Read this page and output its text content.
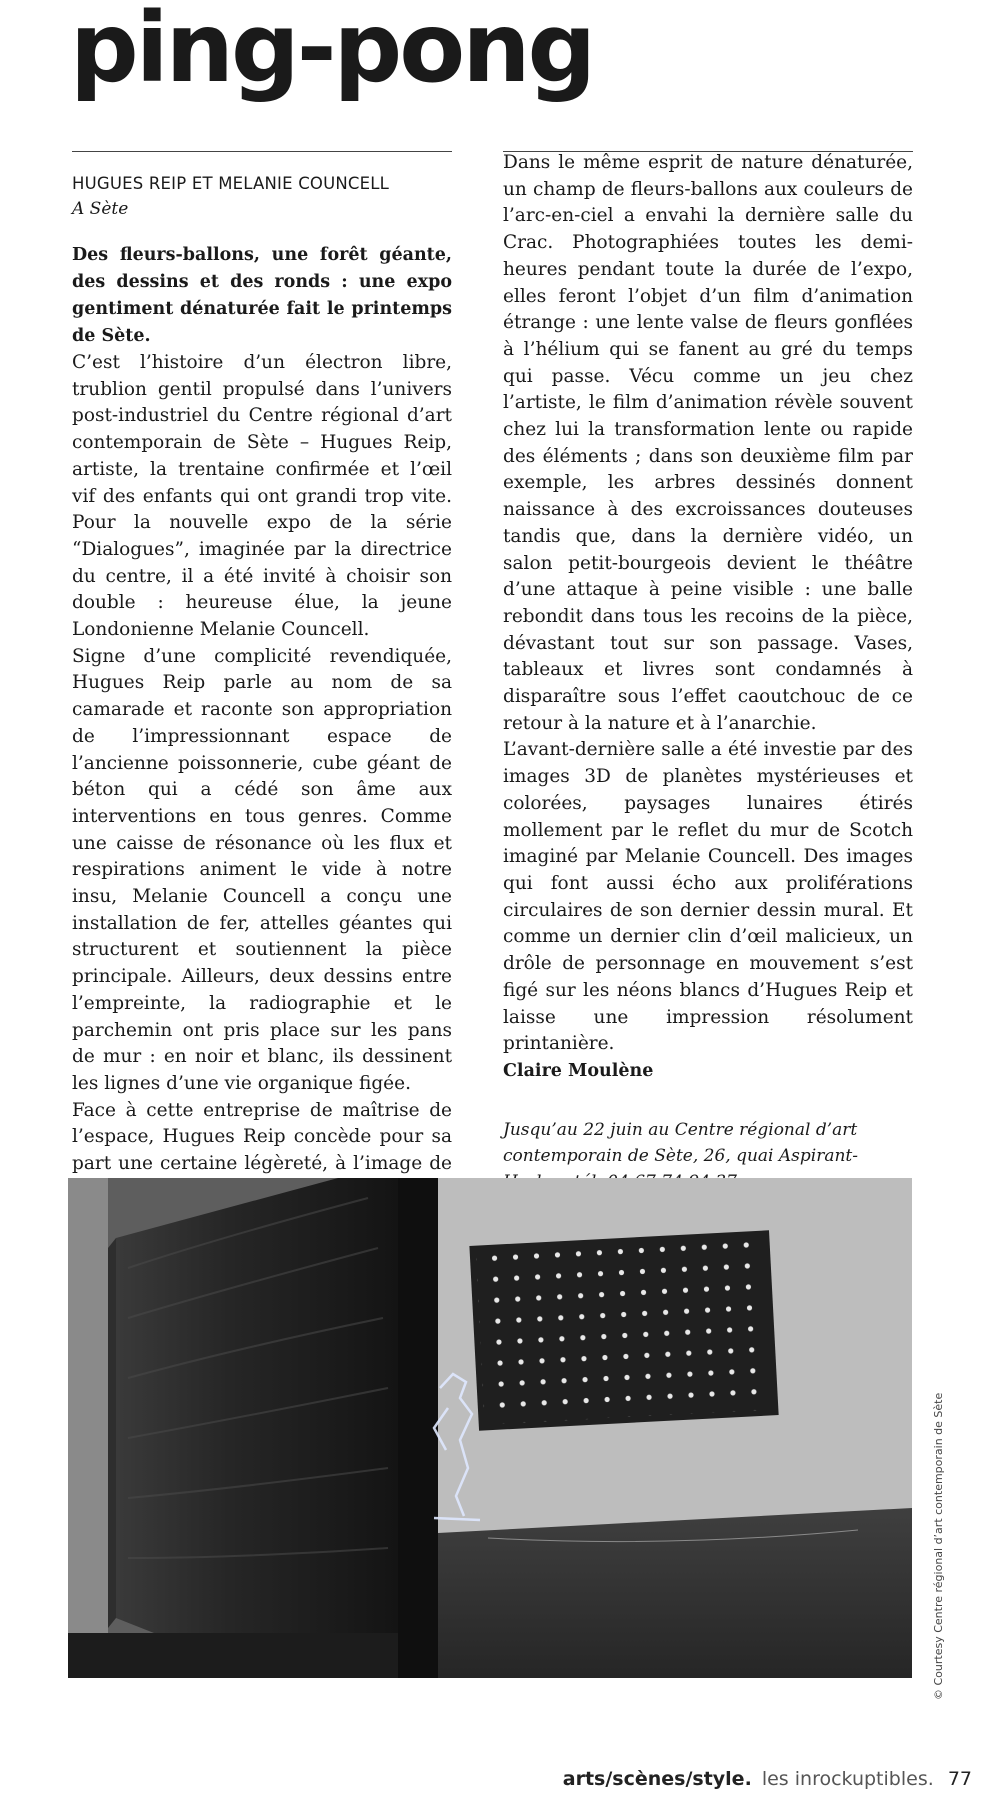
ping-pong
HUGUES REIP ET MELANIE COUNCELL
A Sète

Des fleurs-ballons, une forêt géante, des dessins et des ronds : une expo gentiment dénaturée fait le printemps de Sète.

C’est l’histoire d’un électron libre, trublion gentil propulsé dans l’univers post-industriel du Centre régional d’art contemporain de Sète – Hugues Reip, artiste, la trentaine confirmée et l’œil vif des enfants qui ont grandi trop vite. Pour la nouvelle expo de la série “Dialogues”, imaginée par la directrice du centre, il a été invité à choisir son double : heureuse élue, la jeune Londonienne Melanie Councell.

Signe d’une complicité revendiquée, Hugues Reip parle au nom de sa camarade et raconte son appropriation de l’impressionnant espace de l’ancienne poissonnerie, cube géant de béton qui a cédé son âme aux interventions en tous genres. Comme une caisse de résonance où les flux et respirations animent le vide à notre insu, Melanie Councell a conçu une installation de fer, attelles géantes qui structurent et soutiennent la pièce principale. Ailleurs, deux dessins entre l’empreinte, la radiographie et le parchemin ont pris place sur les pans de mur : en noir et blanc, ils dessinent les lignes d’une vie organique figée.

Face à cette entreprise de maîtrise de l’espace, Hugues Reip concède pour sa part une certaine légèreté, à l’image de

Dans le même esprit de nature dénaturée, un champ de fleurs-ballons aux couleurs de l’arc-en-ciel a envahi la dernière salle du Crac. Photographiées toutes les demi-heures pendant toute la durée de l’expo, elles feront l’objet d’un film d’animation étrange : une lente valse de fleurs gonflées à l’hélium qui se fanent au gré du temps qui passe. Vécu comme un jeu chez l’artiste, le film d’animation révèle souvent chez lui la transformation lente ou rapide des éléments ; dans son deuxième film par exemple, les arbres dessinés donnent naissance à des excroissances douteuses tandis que, dans la dernière vidéo, un salon petit-bourgeois devient le théâtre d’une attaque à peine visible : une balle rebondit dans tous les recoins de la pièce, dévastant tout sur son passage. Vases, tableaux et livres sont condamnés à disparaître sous l’effet caoutchouc de ce retour à la nature et à l’anarchie.

L’avant-dernière salle a été investie par des images 3D de planètes mystérieuses et colorées, paysages lunaires étirés mollement par le reflet du mur de Scotch imaginé par Melanie Councell. Des images qui font aussi écho aux proliférations circulaires de son dernier dessin mural. Et comme un dernier clin d’œil malicieux, un drôle de personnage en mouvement s’est figé sur les néons blancs d’Hugues Reip et laisse une impression résolument printanière.

Claire Moulène
Jusqu’au 22 juin au Centre régional d’art contemporain de Sète, 26, quai Aspirant-
© Courtesy Centre régional d’art contemporain de Sète
arts/scènes/style. les inrockuptibles. 77
